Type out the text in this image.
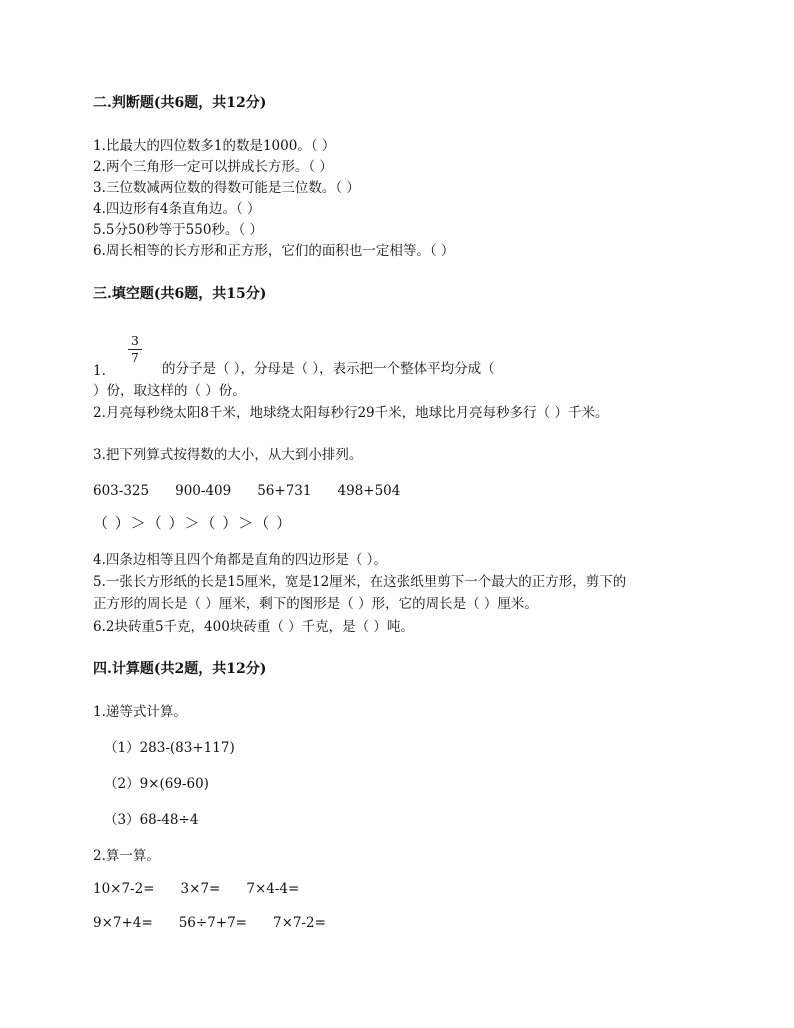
二.判断题(共6题，共12分)
1.比最大的四位数多1的数是1000。（ ）
2.两个三角形一定可以拼成长方形。（ ）
3.三位数减两位数的得数可能是三位数。（ ）
4.四边形有4条直角边。（ ）
5.5分50秒等于550秒。（ ）
6.周长相等的长方形和正方形，它们的面积也一定相等。（ ）
三.填空题(共6题，共15分)
3
7
1.	的分子是（ ），分母是（ ），表示把一个整体平均分成（
）份，取这样的（ ）份。
2.月亮每秒绕太阳8千米，地球绕太阳每秒行29千米，地球比月亮每秒多行（ ）千米。
3.把下列算式按得数的大小，从大到小排列。
603-325 900-409 56+731 498+504
（ ）＞（ ）＞（ ）＞（ ）
4.四条边相等且四个角都是直角的四边形是（ ）。
5.一张长方形纸的长是15厘米，宽是12厘米，在这张纸里剪下一个最大的正方形，剪下的
正方形的周长是（ ）厘米，剩下的图形是（ ）形，它的周长是（ ）厘米。
6.2块砖重5千克，400块砖重（ ）千克，是（ ）吨。
四.计算题(共2题，共12分)
1.递等式计算。
（1）283-(83+117)
（2）9×(69-60)
（3）68-48÷4
2.算一算。
10×7-2= 3×7= 7×4-4=
9×7+4= 56÷7+7= 7×7-2=
